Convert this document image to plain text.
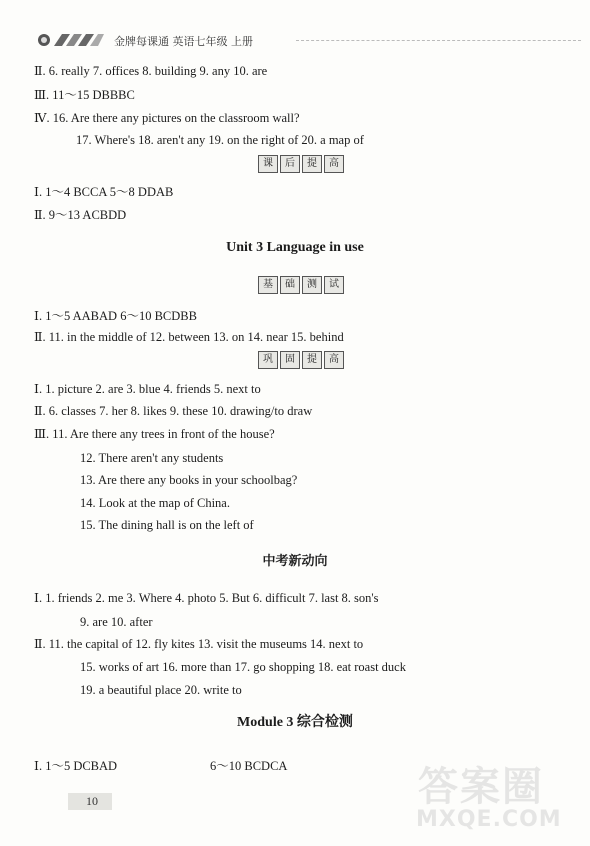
金牌每课通 英语七年级 上册
Ⅱ. 6. really 7. offices 8. building 9. any 10. are
Ⅲ. 11～15 DBBBC
Ⅳ. 16. Are there any pictures on the classroom wall?
17. Where's 18. aren't any 19. on the right of 20. a map of
课	后	提	高
Ⅰ. 1～4 BCCA 5～8 DDAB
Ⅱ. 9～13 ACBDD
Unit 3 Language in use
基	础	测	试
Ⅰ. 1～5 AABAD 6～10 BCDBB
Ⅱ. 11. in the middle of 12. between 13. on 14. near 15. behind
巩	固	提	高
Ⅰ. 1. picture 2. are 3. blue 4. friends 5. next to
Ⅱ. 6. classes 7. her 8. likes 9. these 10. drawing/to draw
Ⅲ. 11. Are there any trees in front of the house?
12. There aren't any students
13. Are there any books in your schoolbag?
14. Look at the map of China.
15. The dining hall is on the left of
中考新动向
Ⅰ. 1. friends 2. me 3. Where 4. photo 5. But 6. difficult 7. last 8. son's
9. are 10. after
Ⅱ. 11. the capital of 12. fly kites 13. visit the museums 14. next to
15. works of art 16. more than 17. go shopping 18. eat roast duck
19. a beautiful place 20. write to
Module 3 综合检测
Ⅰ. 1～5 DCBAD	6～10 BCDCA
10	答案圈
MXQE.COM
